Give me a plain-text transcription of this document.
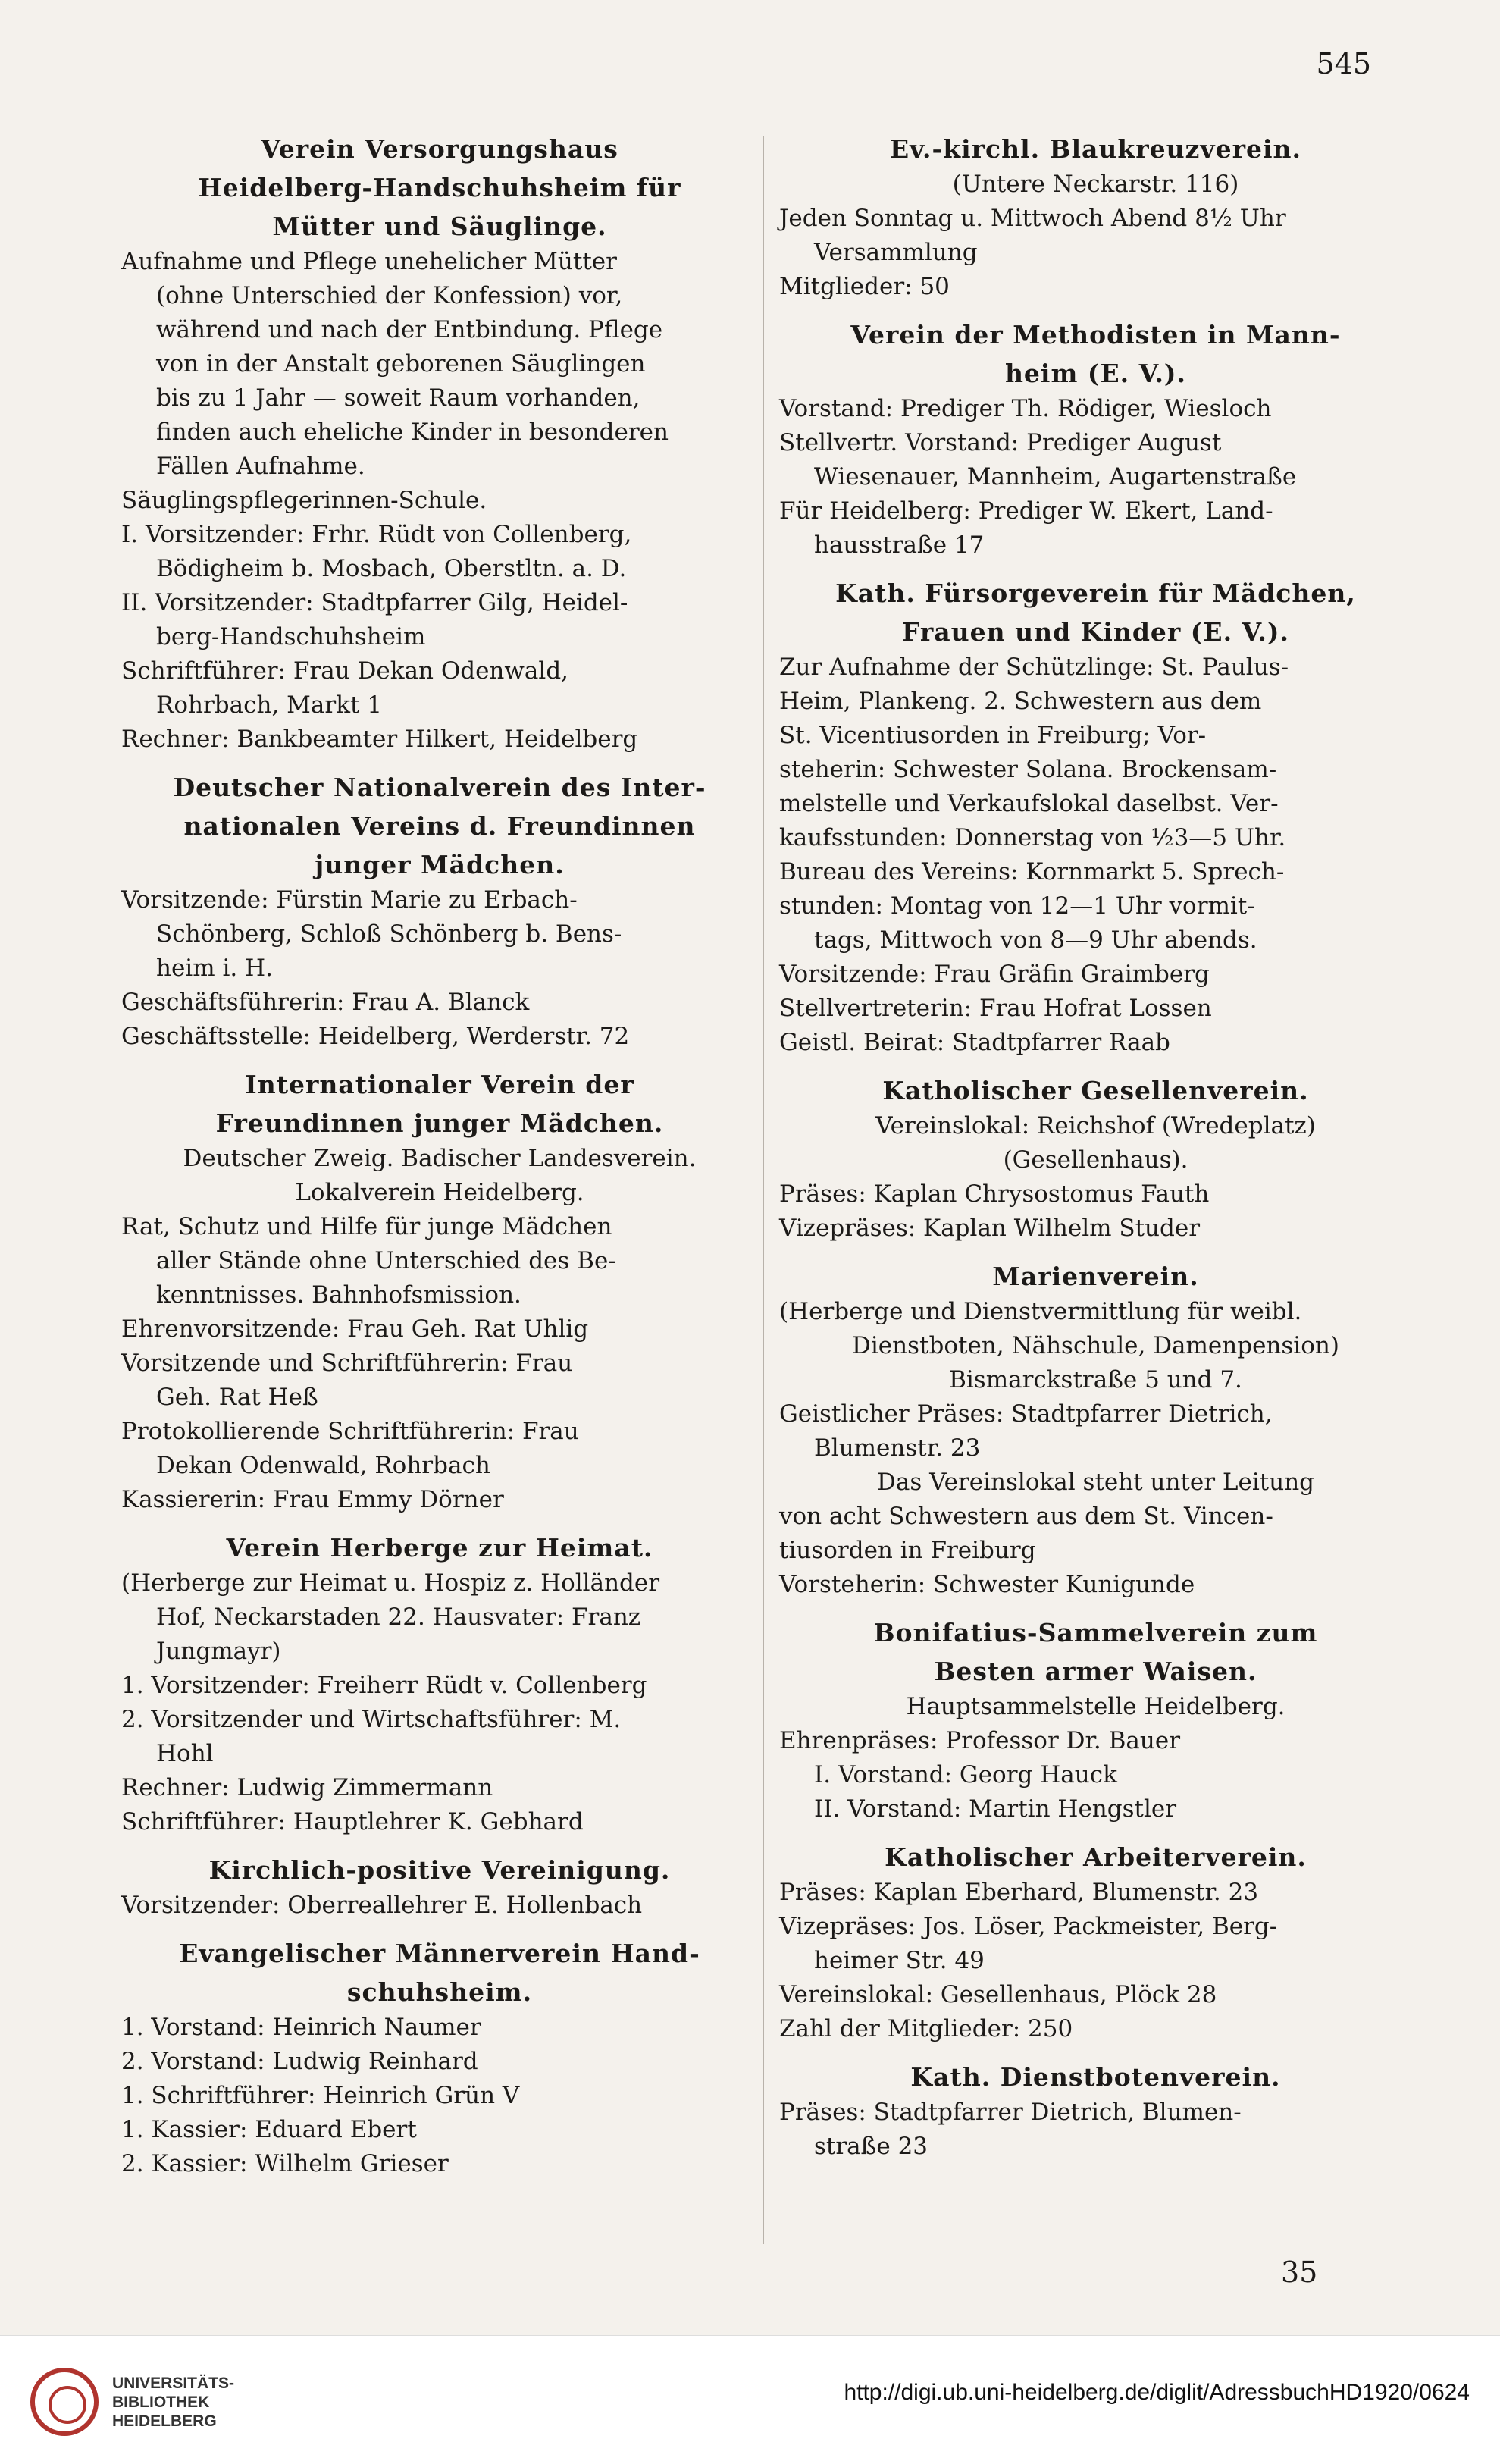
545
Verein Versorgungshaus
Heidelberg-Handschuhsheim für
Mütter und Säuglinge.
Aufnahme und Pflege unehelicher Mütter
(ohne Unterschied der Konfession) vor,
während und nach der Entbindung. Pflege
von in der Anstalt geborenen Säuglingen
bis zu 1 Jahr — soweit Raum vorhanden,
finden auch eheliche Kinder in besonderen
Fällen Aufnahme.
Säuglingspflegerinnen-Schule.
I. Vorsitzender: Frhr. Rüdt von Collenberg,
Bödigheim b. Mosbach, Oberstltn. a. D.
II. Vorsitzender: Stadtpfarrer Gilg, Heidel-
berg-Handschuhsheim
Schriftführer: Frau Dekan Odenwald,
Rohrbach, Markt 1
Rechner: Bankbeamter Hilkert, Heidelberg
Deutscher Nationalverein des Inter-
nationalen Vereins d. Freundinnen
junger Mädchen.
Vorsitzende: Fürstin Marie zu Erbach-
Schönberg, Schloß Schönberg b. Bens-
heim i. H.
Geschäftsführerin: Frau A. Blanck
Geschäftsstelle: Heidelberg, Werderstr. 72
Internationaler Verein der
Freundinnen junger Mädchen.
Deutscher Zweig. Badischer Landesverein.
Lokalverein Heidelberg.
Rat, Schutz und Hilfe für junge Mädchen
aller Stände ohne Unterschied des Be-
kenntnisses. Bahnhofsmission.
Ehrenvorsitzende: Frau Geh. Rat Uhlig
Vorsitzende und Schriftführerin: Frau
Geh. Rat Heß
Protokollierende Schriftführerin: Frau
Dekan Odenwald, Rohrbach
Kassiererin: Frau Emmy Dörner
Verein Herberge zur Heimat.
(Herberge zur Heimat u. Hospiz z. Holländer
Hof, Neckarstaden 22. Hausvater: Franz
Jungmayr)
1. Vorsitzender: Freiherr Rüdt v. Collenberg
2. Vorsitzender und Wirtschaftsführer: M.
Hohl
Rechner: Ludwig Zimmermann
Schriftführer: Hauptlehrer K. Gebhard
Kirchlich-positive Vereinigung.
Vorsitzender: Oberreallehrer E. Hollenbach
Evangelischer Männerverein Hand-
schuhsheim.
1. Vorstand: Heinrich Naumer
2. Vorstand: Ludwig Reinhard
1. Schriftführer: Heinrich Grün V
1. Kassier: Eduard Ebert
2. Kassier: Wilhelm Grieser
Ev.-kirchl. Blaukreuzverein.
(Untere Neckarstr. 116)
Jeden Sonntag u. Mittwoch Abend 8½ Uhr
Versammlung
Mitglieder: 50
Verein der Methodisten in Mann-
heim (E. V.).
Vorstand: Prediger Th. Rödiger, Wiesloch
Stellvertr. Vorstand: Prediger August
Wiesenauer, Mannheim, Augartenstraße
Für Heidelberg: Prediger W. Ekert, Land-
hausstraße 17
Kath. Fürsorgeverein für Mädchen,
Frauen und Kinder (E. V.).
Zur Aufnahme der Schützlinge: St. Paulus-
Heim, Plankeng. 2. Schwestern aus dem
St. Vicentiusorden in Freiburg; Vor-
steherin: Schwester Solana. Brockensam-
melstelle und Verkaufslokal daselbst. Ver-
kaufsstunden: Donnerstag von ½3—5 Uhr.
Bureau des Vereins: Kornmarkt 5. Sprech-
stunden: Montag von 12—1 Uhr vormit-
tags, Mittwoch von 8—9 Uhr abends.
Vorsitzende: Frau Gräfin Graimberg
Stellvertreterin: Frau Hofrat Lossen
Geistl. Beirat: Stadtpfarrer Raab
Katholischer Gesellenverein.
Vereinslokal: Reichshof (Wredeplatz)
(Gesellenhaus).
Präses: Kaplan Chrysostomus Fauth
Vizepräses: Kaplan Wilhelm Studer
Marienverein.
(Herberge und Dienstvermittlung für weibl.
Dienstboten, Nähschule, Damenpension)
Bismarckstraße 5 und 7.
Geistlicher Präses: Stadtpfarrer Dietrich,
Blumenstr. 23
Das Vereinslokal steht unter Leitung
von acht Schwestern aus dem St. Vincen-
tiusorden in Freiburg
Vorsteherin: Schwester Kunigunde
Bonifatius-Sammelverein zum
Besten armer Waisen.
Hauptsammelstelle Heidelberg.
Ehrenpräses: Professor Dr. Bauer
I. Vorstand: Georg Hauck
II. Vorstand: Martin Hengstler
Katholischer Arbeiterverein.
Präses: Kaplan Eberhard, Blumenstr. 23
Vizepräses: Jos. Löser, Packmeister, Berg-
heimer Str. 49
Vereinslokal: Gesellenhaus, Plöck 28
Zahl der Mitglieder: 250
Kath. Dienstbotenverein.
Präses: Stadtpfarrer Dietrich, Blumen-
straße 23
35
UNIVERSITÄTS-
BIBLIOTHEK
HEIDELBERG
http://digi.ub.uni-heidelberg.de/diglit/AdressbuchHD1920/0624
